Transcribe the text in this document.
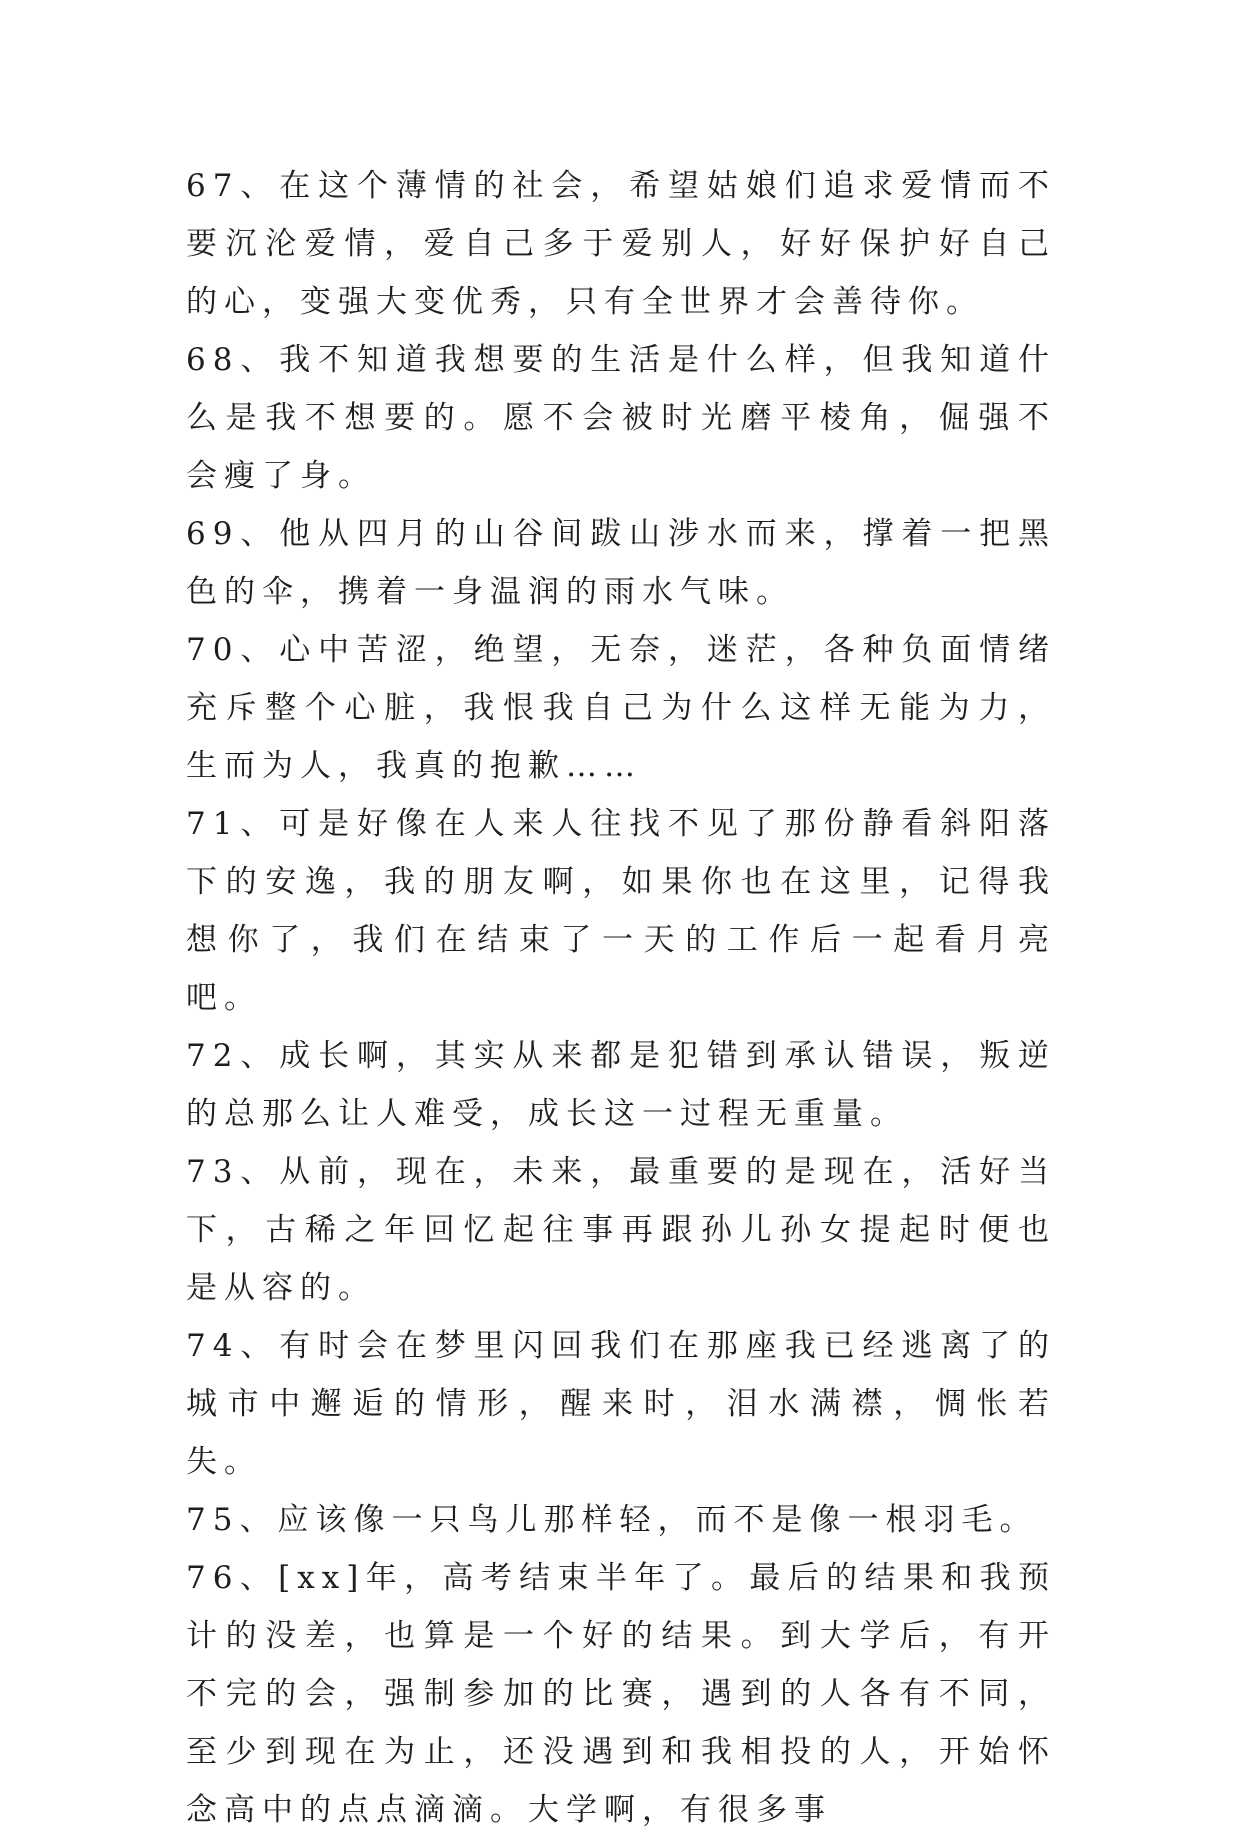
67、在这个薄情的社会，希望姑娘们追求爱情而不要沉沦爱情，爱自己多于爱别人，好好保护好自己的心，变强大变优秀，只有全世界才会善待你。

68、我不知道我想要的生活是什么样，但我知道什么是我不想要的。愿不会被时光磨平棱角，倔强不会瘦了身。

69、他从四月的山谷间跋山涉水而来，撑着一把黑色的伞，携着一身温润的雨水气味。

70、心中苦涩，绝望，无奈，迷茫，各种负面情绪充斥整个心脏，我恨我自己为什么这样无能为力，生而为人，我真的抱歉……

71、可是好像在人来人往找不见了那份静看斜阳落下的安逸，我的朋友啊，如果你也在这里，记得我想你了，我们在结束了一天的工作后一起看月亮吧。

72、成长啊，其实从来都是犯错到承认错误，叛逆的总那么让人难受，成长这一过程无重量。

73、从前，现在，未来，最重要的是现在，活好当下，古稀之年回忆起往事再跟孙儿孙女提起时便也是从容的。

74、有时会在梦里闪回我们在那座我已经逃离了的城市中邂逅的情形，醒来时，泪水满襟，惆怅若失。

75、应该像一只鸟儿那样轻，而不是像一根羽毛。

76、[xx]年，高考结束半年了。最后的结果和我预计的没差，也算是一个好的结果。到大学后，有开不完的会，强制参加的比赛，遇到的人各有不同，至少到现在为止，还没遇到和我相投的人，开始怀念高中的点点滴滴。大学啊，有很多事
